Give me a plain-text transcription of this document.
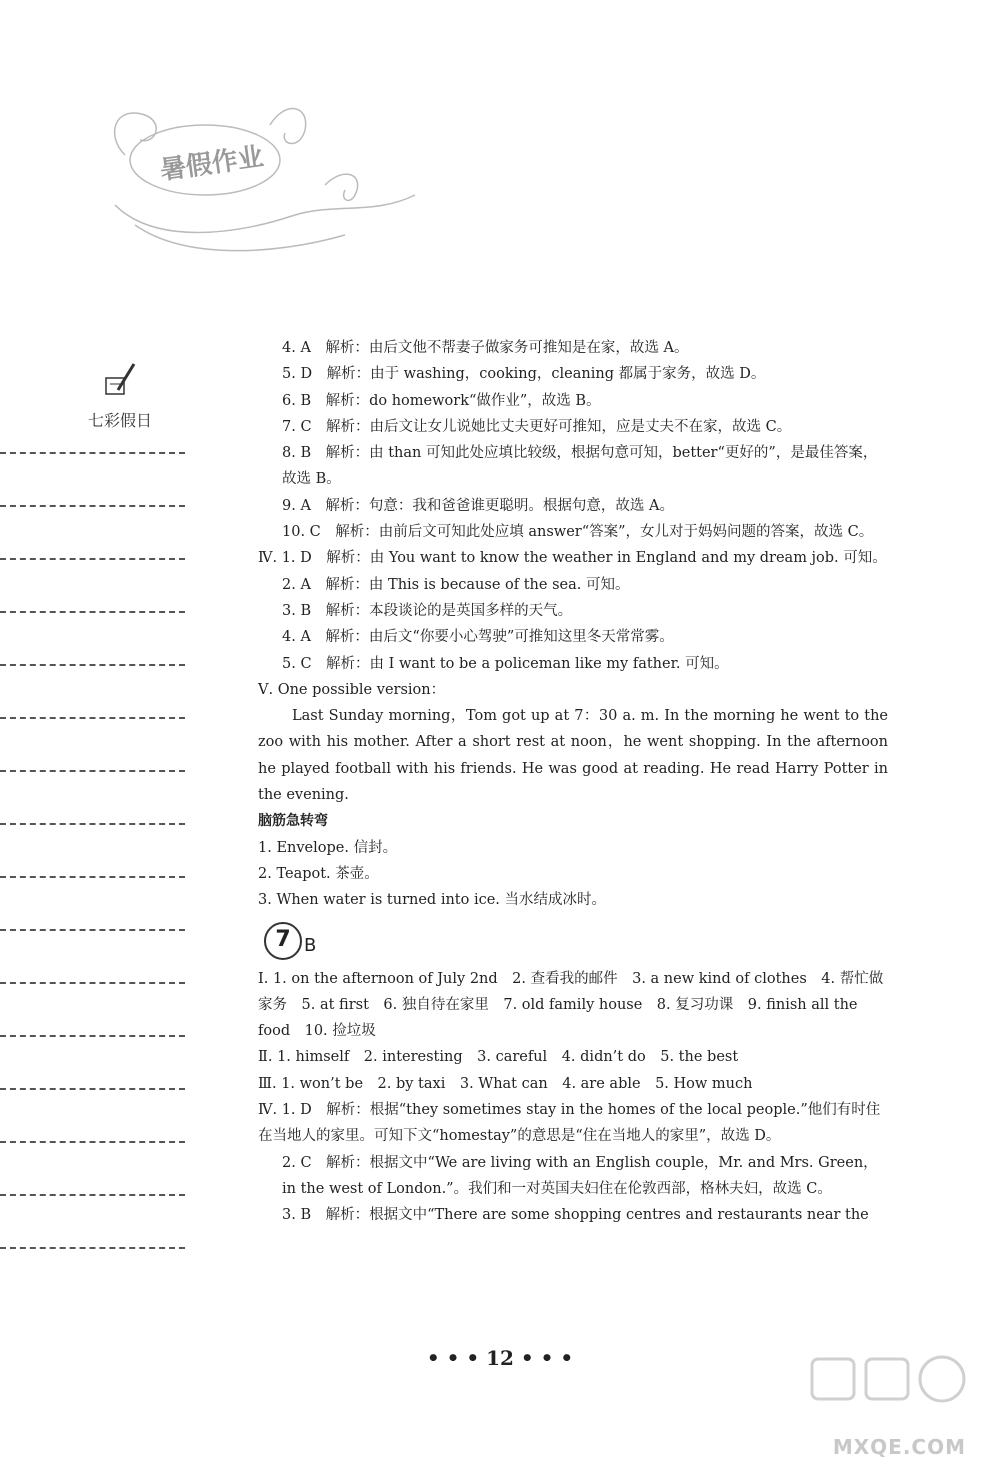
暑假作业
七彩假日
4. A　解析：由后文他不帮妻子做家务可推知是在家，故选 A。
5. D　解析：由于 washing，cooking，cleaning 都属于家务，故选 D。
6. B　解析：do homework“做作业”，故选 B。
7. C　解析：由后文让女儿说她比丈夫更好可推知，应是丈夫不在家，故选 C。
8. B　解析：由 than 可知此处应填比较级，根据句意可知，better“更好的”，是最佳答案，故选 B。
9. A　解析：句意：我和爸爸谁更聪明。根据句意，故选 A。
10. C　解析：由前后文可知此处应填 answer“答案”，女儿对于妈妈问题的答案，故选 C。
Ⅳ. 1. D　解析：由 You want to know the weather in England and my dream job. 可知。
2. A　解析：由 This is because of the sea. 可知。
3. B　解析：本段谈论的是英国多样的天气。
4. A　解析：由后文“你要小心驾驶”可推知这里冬天常常雾。
5. C　解析：由 I want to be a policeman like my father. 可知。
Ⅴ. One possible version：
Last Sunday morning，Tom got up at 7：30 a. m. In the morning he went to the zoo with his mother. After a short rest at noon，he went shopping. In the afternoon he played football with his friends. He was good at reading. He read Harry Potter in the evening.
脑筋急转弯
1. Envelope. 信封。
2. Teapot. 茶壶。
3. When water is turned into ice. 当水结成冰时。
7 B
Ⅰ. 1. on the afternoon of July 2nd　2. 查看我的邮件　3. a new kind of clothes　4. 帮忙做家务　5. at first　6. 独自待在家里　7. old family house　8. 复习功课　9. finish all the food　10. 捡垃圾
Ⅱ. 1. himself　2. interesting　3. careful　4. didn’t do　5. the best
Ⅲ. 1. won’t be　2. by taxi　3. What can　4. are able　5. How much
Ⅳ. 1. D　解析：根据“they sometimes stay in the homes of the local people.”他们有时住在当地人的家里。可知下文“homestay”的意思是“住在当地人的家里”，故选 D。
2. C　解析：根据文中“We are living with an English couple，Mr. and Mrs. Green，in the west of London.”。我们和一对英国夫妇住在伦敦西部，格林夫妇，故选 C。
3. B　解析：根据文中“There are some shopping centres and restaurants near the
• • • 12 • • •
MXQE.COM
